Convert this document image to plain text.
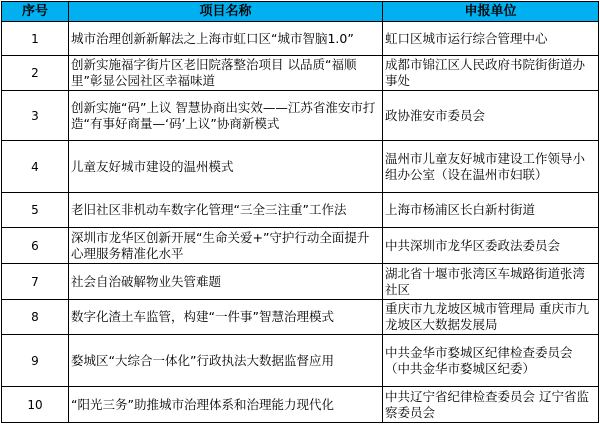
序号	项目名称	申报单位
1	城市治理创新新解法之上海市虹口区“城市智脑1.0”	虹口区城市运行综合管理中心
2	创新实施福字街片区老旧院落整治项目 以品质“福顺里”彰显公园社区幸福味道	成都市锦江区人民政府书院街街道办事处
3	创新实施“码”上议 智慧协商出实效——江苏省淮安市打造“有事好商量—‘码’上议”协商新模式	政协淮安市委员会
4	儿童友好城市建设的温州模式	温州市儿童友好城市建设工作领导小组办公室（设在温州市妇联）
5	老旧社区非机动车数字化管理“三全三注重”工作法	上海市杨浦区长白新村街道
6	深圳市龙华区创新开展“生命关爱+”守护行动全面提升心理服务精准化水平	中共深圳市龙华区委政法委员会
7	社会自治破解物业失管难题	湖北省十堰市张湾区车城路街道张湾社区
8	数字化渣土车监管，构建“一件事”智慧治理模式	重庆市九龙坡区城市管理局 重庆市九龙坡区大数据发展局
9	婺城区“大综合一体化”行政执法大数据监督应用	中共金华市婺城区纪律检查委员会（中共金华市婺城区纪委）
10	“阳光三务”助推城市治理体系和治理能力现代化	中共辽宁省纪律检查委员会 辽宁省监察委员会
